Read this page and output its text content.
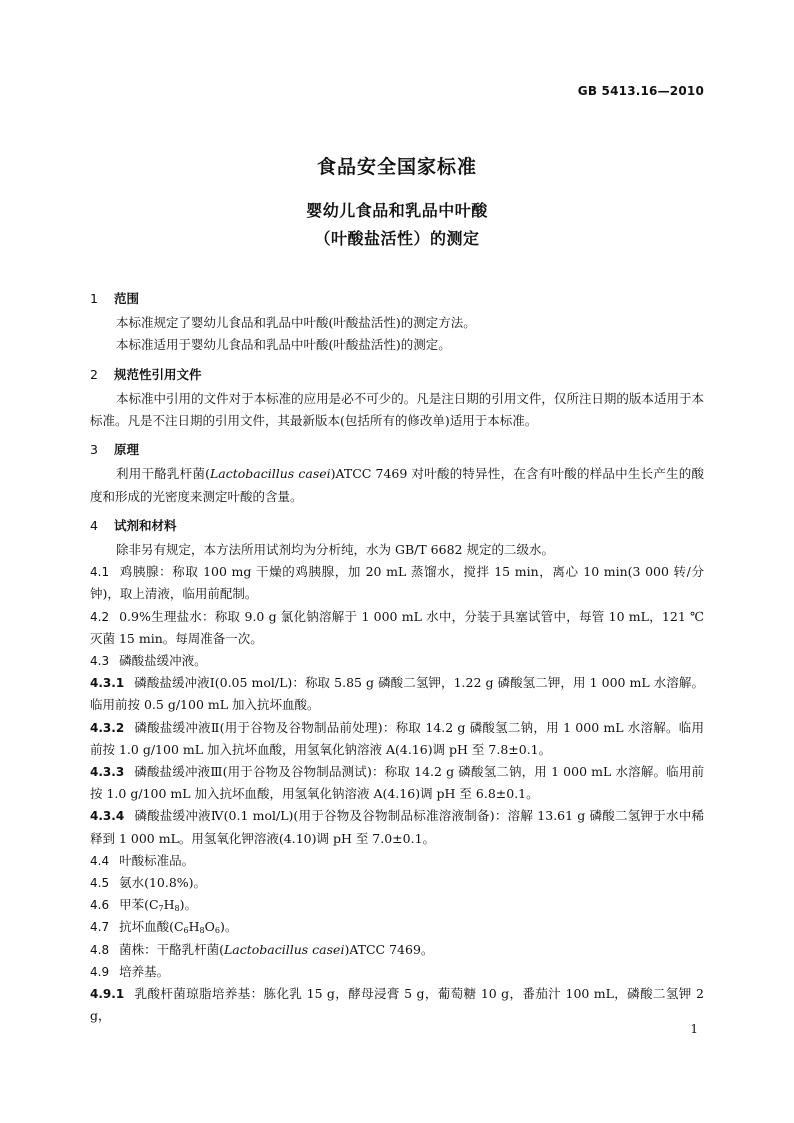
GB 5413.16—2010
食品安全国家标准
婴幼儿食品和乳品中叶酸
（叶酸盐活性）的测定
1 范围
本标准规定了婴幼儿食品和乳品中叶酸(叶酸盐活性)的测定方法。
本标准适用于婴幼儿食品和乳品中叶酸(叶酸盐活性)的测定。
2 规范性引用文件
本标准中引用的文件对于本标准的应用是必不可少的。凡是注日期的引用文件，仅所注日期的版本适用于本标准。凡是不注日期的引用文件，其最新版本(包括所有的修改单)适用于本标准。
3 原理
利用干酪乳杆菌(Lactobacillus casei)ATCC 7469 对叶酸的特异性，在含有叶酸的样品中生长产生的酸度和形成的光密度来测定叶酸的含量。
4 试剂和材料
除非另有规定，本方法所用试剂均为分析纯，水为 GB/T 6682 规定的二级水。
4.1 鸡胰腺：称取 100 mg 干燥的鸡胰腺，加 20 mL 蒸馏水，搅拌 15 min，离心 10 min(3 000 转/分钟)，取上清液，临用前配制。
4.2 0.9%生理盐水：称取 9.0 g 氯化钠溶解于 1 000 mL 水中，分装于具塞试管中，每管 10 mL，121 ℃灭菌 15 min。每周准备一次。
4.3 磷酸盐缓冲液。
4.3.1 磷酸盐缓冲液Ⅰ(0.05 mol/L)：称取 5.85 g 磷酸二氢钾，1.22 g 磷酸氢二钾，用 1 000 mL 水溶解。临用前按 0.5 g/100 mL 加入抗坏血酸。
4.3.2 磷酸盐缓冲液Ⅱ(用于谷物及谷物制品前处理)：称取 14.2 g 磷酸氢二钠，用 1 000 mL 水溶解。临用前按 1.0 g/100 mL 加入抗坏血酸，用氢氧化钠溶液 A(4.16)调 pH 至 7.8±0.1。
4.3.3 磷酸盐缓冲液Ⅲ(用于谷物及谷物制品测试)：称取 14.2 g 磷酸氢二钠，用 1 000 mL 水溶解。临用前按 1.0 g/100 mL 加入抗坏血酸，用氢氧化钠溶液 A(4.16)调 pH 至 6.8±0.1。
4.3.4 磷酸盐缓冲液Ⅳ(0.1 mol/L)(用于谷物及谷物制品标准溶液制备)：溶解 13.61 g 磷酸二氢钾于水中稀释到 1 000 mL。用氢氧化钾溶液(4.10)调 pH 至 7.0±0.1。
4.4 叶酸标准品。
4.5 氨水(10.8%)。
4.6 甲苯$(C_7H_8)$。
4.7 抗坏血酸$(C_6H_8O_6)$。
4.8 菌株：干酪乳杆菌(Lactobacillus casei)ATCC 7469。
4.9 培养基。
4.9.1 乳酸杆菌琼脂培养基：胨化乳 15 g，酵母浸膏 5 g，葡萄糖 10 g，番茄汁 100 mL，磷酸二氢钾 2 g，
1
